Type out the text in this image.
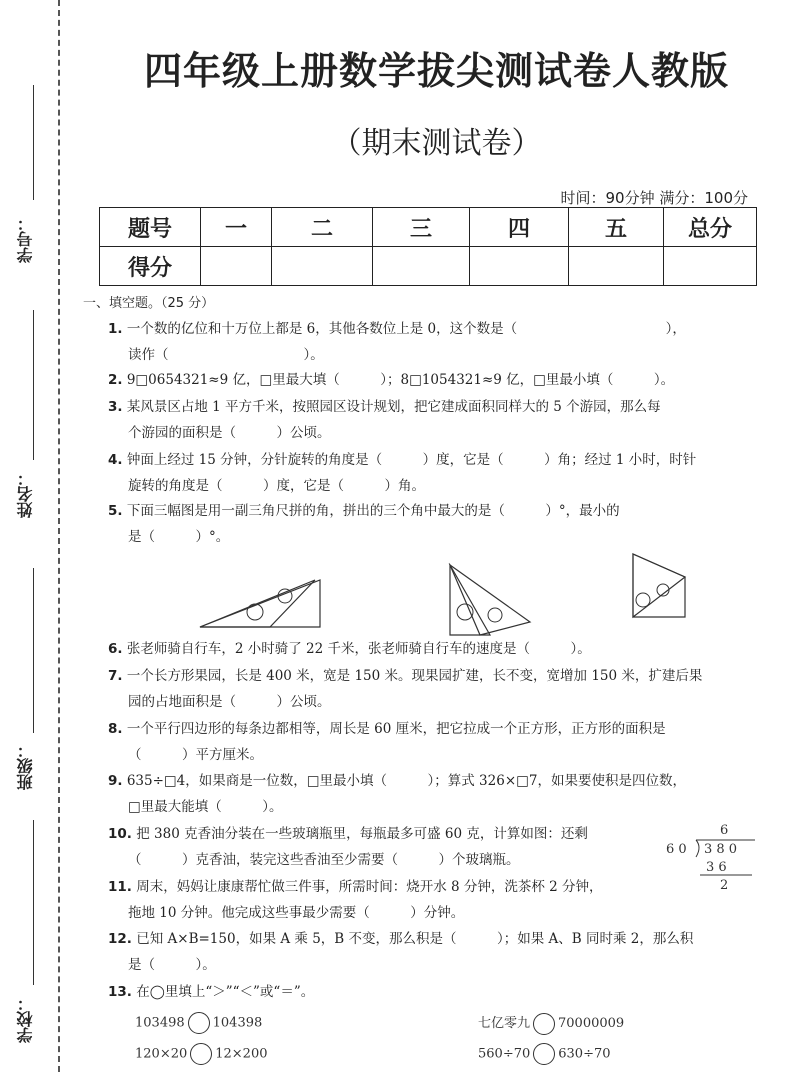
学号：
姓名：
班级：
学校：
四年级上册数学拔尖测试卷人教版
（期末测试卷）
时间：90分钟 满分：100分
题号	一	二	三	四	五	总分
得分						
一、填空题。（25 分）
1. 一个数的亿位和十万位上都是 6，其他各数位上是 0，这个数是（　　　　　　　　　　　），
读作（　　　　　　　　　　）。
2. 9□0654321≈9 亿，□里最大填（　　　）；8□1054321≈9 亿，□里最小填（　　　）。
3. 某风景区占地 1 平方千米，按照园区设计规划，把它建成面积同样大的 5 个游园，那么每
个游园的面积是（　　　）公顷。
4. 钟面上经过 15 分钟，分针旋转的角度是（　　　）度，它是（　　　）角；经过 1 小时，时针
旋转的角度是（　　　）度，它是（　　　）角。
5. 下面三幅图是用一副三角尺拼的角，拼出的三个角中最大的是（　　　）°，最小的
是（　　　）°。
6. 张老师骑自行车，2 小时骑了 22 千米，张老师骑自行车的速度是（　　　）。
7. 一个长方形果园，长是 400 米，宽是 150 米。现果园扩建，长不变，宽增加 150 米，扩建后果
园的占地面积是（　　　）公顷。
8. 一个平行四边形的每条边都相等，周长是 60 厘米，把它拉成一个正方形，正方形的面积是
（　　　）平方厘米。
9. 635÷□4，如果商是一位数，□里最小填（　　　）；算式 326×□7，如果要使积是四位数，
□里最大能填（　　　）。
10. 把 380 克香油分装在一些玻璃瓶里，每瓶最多可盛 60 克，计算如图：还剩
（　　　）克香油，装完这些香油至少需要（　　　）个玻璃瓶。
6
6 0 3 8 0
3 6
2
11. 周末，妈妈让康康帮忙做三件事，所需时间：烧开水 8 分钟，洗茶杯 2 分钟，
拖地 10 分钟。他完成这些事最少需要（　　　）分钟。
12. 已知 A×B=150，如果 A 乘 5，B 不变，那么积是（　　　）；如果 A、B 同时乘 2，那么积
是（　　　）。
13. 在◯里填上“＞”“＜”或“＝”。
103498 104398	七亿零九 70000009
120×20 12×200	560÷70 630÷70
